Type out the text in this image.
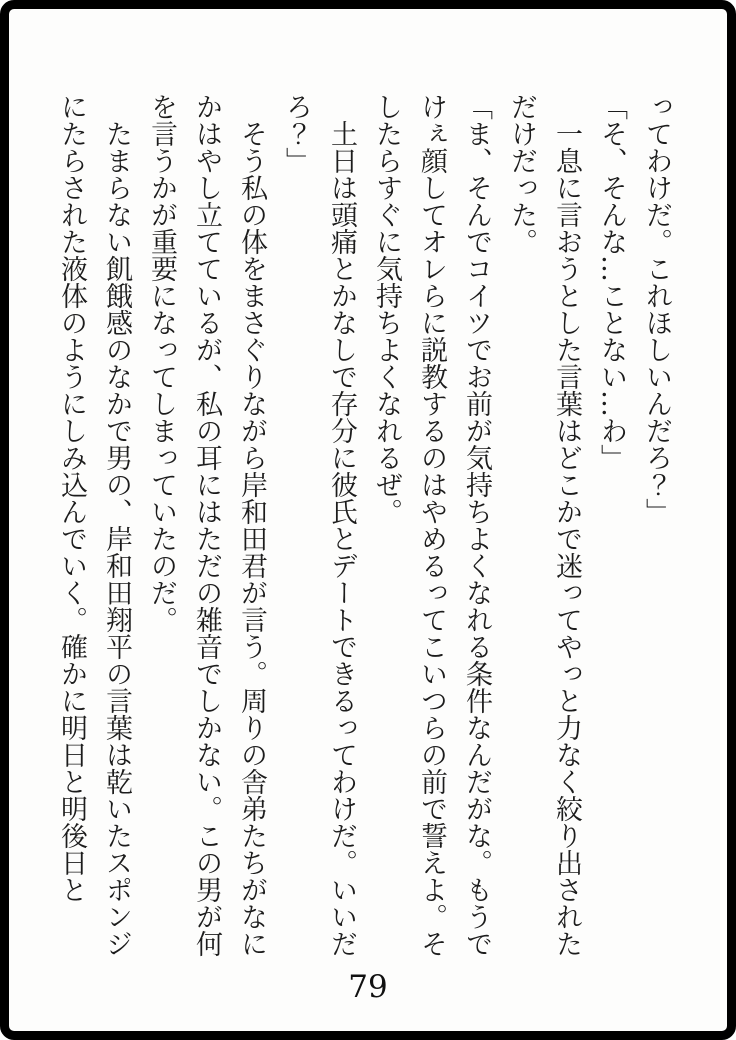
ってわけだ。これほしいんだろ？」

「そ、そんな…ことない…わ」

　一息に言おうとした言葉はどこかで迷ってやっと力なく絞り出されただけだった。

「ま、そんでコイツでお前が気持ちよくなれる条件なんだがな。もうでけぇ顔してオレらに説教するのはやめるってこいつらの前で誓えよ。そしたらすぐに気持ちよくなれるぜ。

　土日は頭痛とかなしで存分に彼氏とデートできるってわけだ。いいだろ？」

　そう私の体をまさぐりながら岸和田君が言う。周りの舎弟たちがなにかはやし立てているが、私の耳にはただの雑音でしかない。この男が何を言うかが重要になってしまっていたのだ。

　たまらない飢餓感のなかで男の、岸和田翔平の言葉は乾いたスポンジにたらされた液体のようにしみ込んでいく。確かに明日と明後日と

79
